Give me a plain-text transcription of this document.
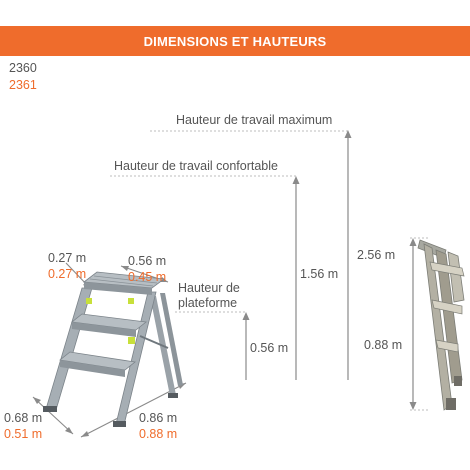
DIMENSIONS ET HAUTEURS
2360
2361
Hauteur de travail maximum
Hauteur de travail confortable
Hauteur de
plateforme
2.56 m
1.56 m
0.56 m	0.88 m
0.27 m
0.27 m
0.56 m
0.45 m
0.68 m
0.51 m
0.86 m
0.88 m
